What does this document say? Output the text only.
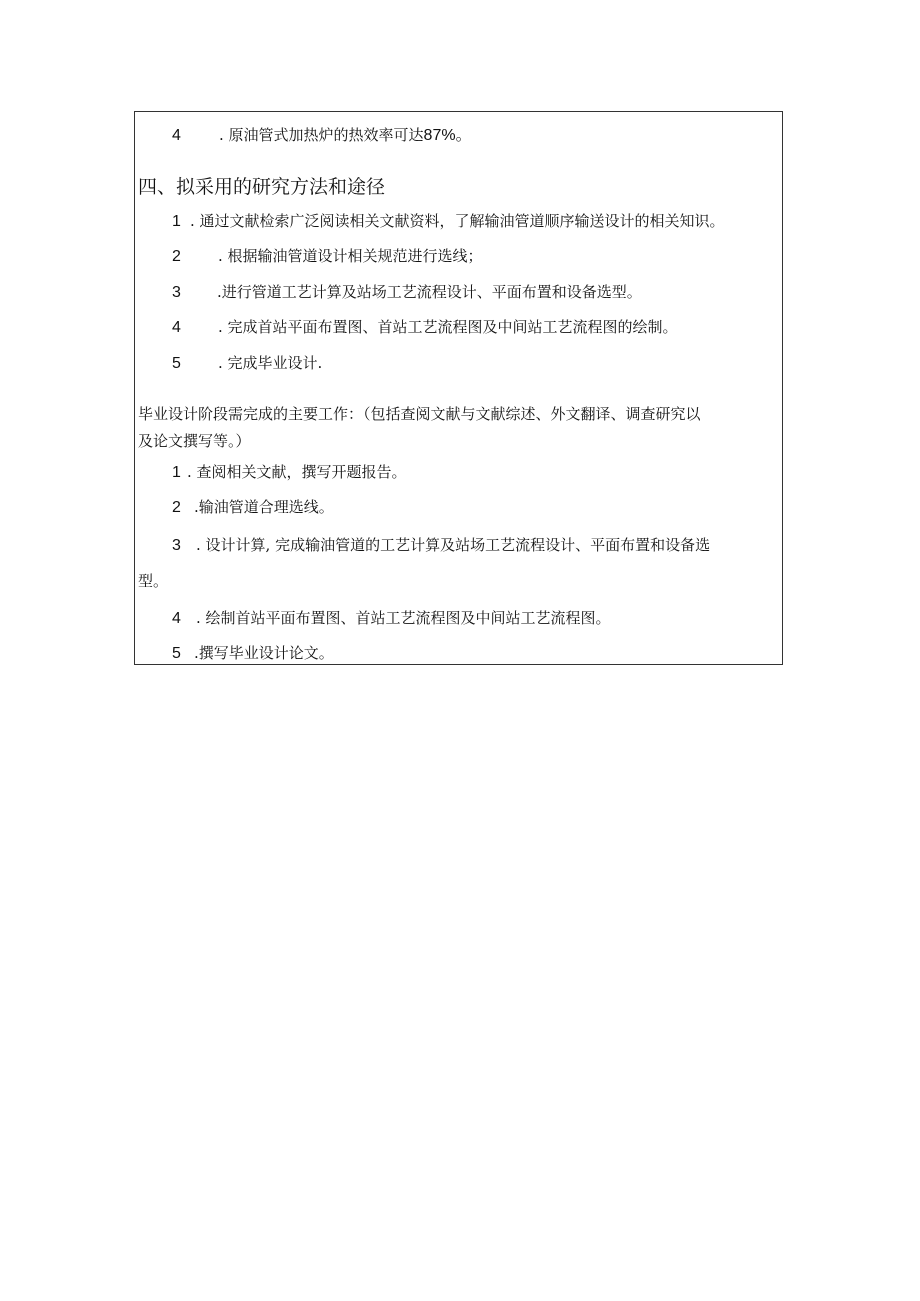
4	. 原油管式加热炉的热效率可达87%。
四、拟采用的研究方法和途径
1 . 通过文献检索广泛阅读相关文献资料，了解输油管道顺序输送设计的相关知识。
2 . 根据输油管道设计相关规范进行选线；
3 .进行管道工艺计算及站场工艺流程设计、平面布置和设备选型。
4 . 完成首站平面布置图、首站工艺流程图及中间站工艺流程图的绘制。
5 . 完成毕业设计.
毕业设计阶段需完成的主要工作：（包括查阅文献与文献综述、外文翻译、调查研究以
及论文撰写等。）
1 . 查阅相关文献，撰写开题报告。
2 .输油管道合理选线。
3 . 设计计算, 完成输油管道的工艺计算及站场工艺流程设计、平面布置和设备选
型。
4 . 绘制首站平面布置图、首站工艺流程图及中间站工艺流程图。
5 .撰写毕业设计论文。
